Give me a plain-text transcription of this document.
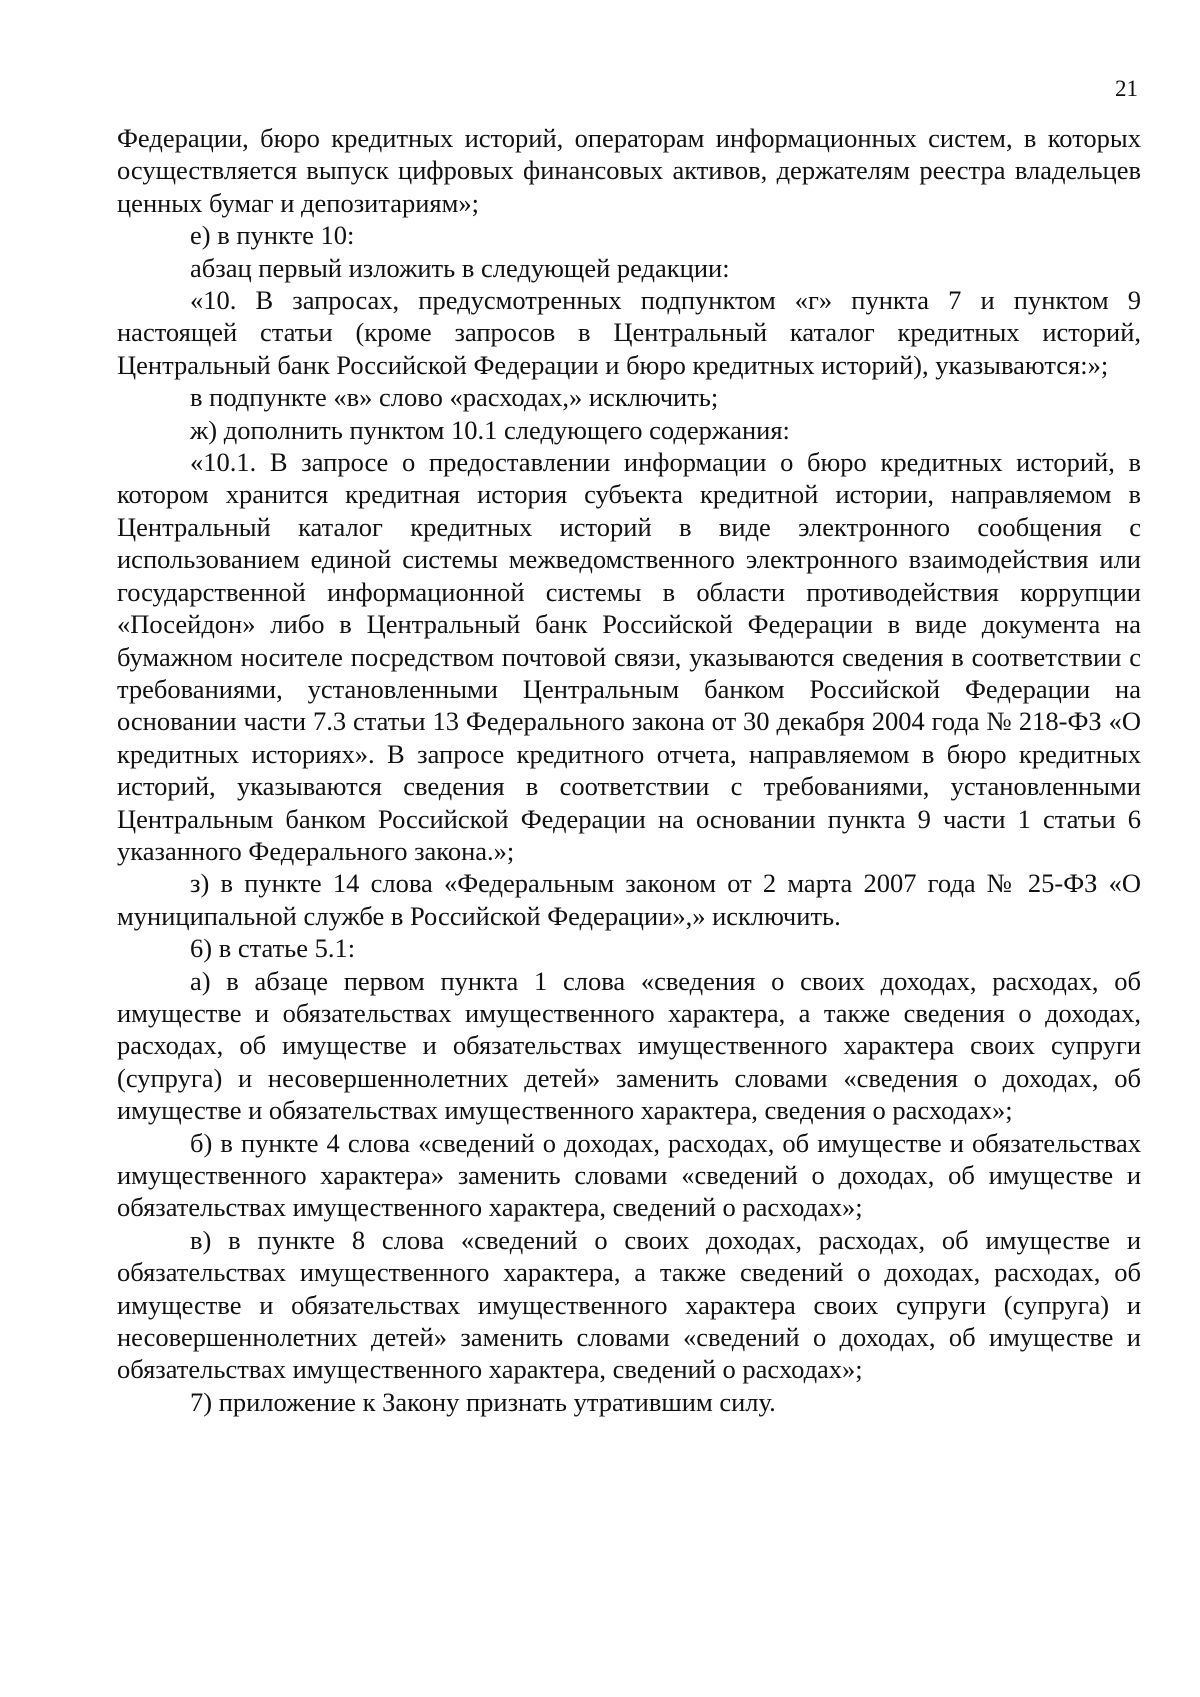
21

Федерации, бюро кредитных историй, операторам информационных систем, в которых осуществляется выпуск цифровых финансовых активов, держателям реестра владельцев ценных бумаг и депозитариям»;

е) в пункте 10:

абзац первый изложить в следующей редакции:

«10. В запросах, предусмотренных подпунктом «г» пункта 7 и пунктом 9 настоящей статьи (кроме запросов в Центральный каталог кредитных историй, Центральный банк Российской Федерации и бюро кредитных историй), указываются:»;

в подпункте «в» слово «расходах,» исключить;

ж) дополнить пунктом 10.1 следующего содержания:

«10.1. В запросе о предоставлении информации о бюро кредитных историй, в котором хранится кредитная история субъекта кредитной истории, направляемом в Центральный каталог кредитных историй в виде электронного сообщения с использованием единой системы межведомственного электронного взаимодействия или государственной информационной системы в области противодействия коррупции «Посейдон» либо в Центральный банк Российской Федерации в виде документа на бумажном носителе посредством почтовой связи, указываются сведения в соответствии с требованиями, установленными Центральным банком Российской Федерации на основании части 7.3 статьи 13 Федерального закона от 30 декабря 2004 года № 218-ФЗ «О кредитных историях». В запросе кредитного отчета, направляемом в бюро кредитных историй, указываются сведения в соответствии с требованиями, установленными Центральным банком Российской Федерации на основании пункта 9 части 1 статьи 6 указанного Федерального закона.»;

з) в пункте 14 слова «Федеральным законом от 2 марта 2007 года № 25-ФЗ «О муниципальной службе в Российской Федерации»,» исключить.

6) в статье 5.1:

а) в абзаце первом пункта 1 слова «сведения о своих доходах, расходах, об имуществе и обязательствах имущественного характера, а также сведения о доходах, расходах, об имуществе и обязательствах имущественного характера своих супруги (супруга) и несовершеннолетних детей» заменить словами «сведения о доходах, об имуществе и обязательствах имущественного характера, сведения о расходах»;

б) в пункте 4 слова «сведений о доходах, расходах, об имуществе и обязательствах имущественного характера» заменить словами «сведений о доходах, об имуществе и обязательствах имущественного характера, сведений о расходах»;

в) в пункте 8 слова «сведений о своих доходах, расходах, об имуществе и обязательствах имущественного характера, а также сведений о доходах, расходах, об имуществе и обязательствах имущественного характера своих супруги (супруга) и несовершеннолетних детей» заменить словами «сведений о доходах, об имуществе и обязательствах имущественного характера, сведений о расходах»;

7) приложение к Закону признать утратившим силу.
